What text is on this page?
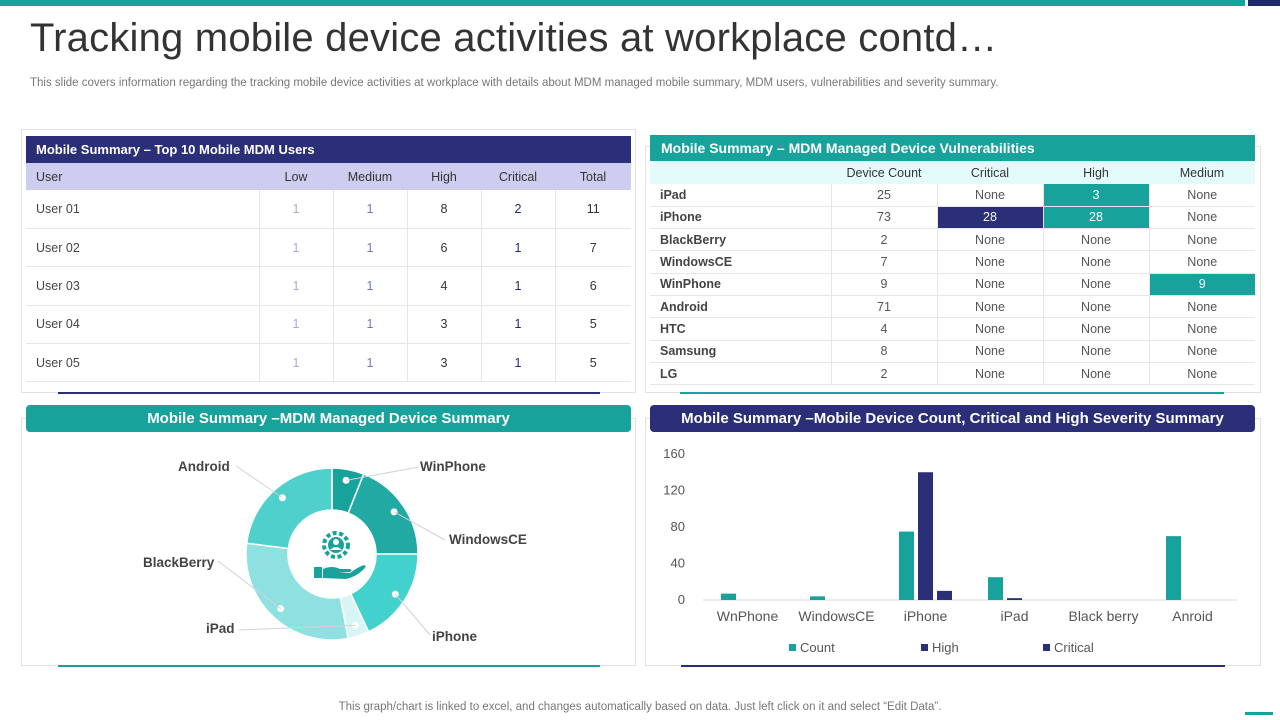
Tracking mobile device activities at workplace contd…
This slide covers information regarding the tracking mobile device activities at workplace with details about MDM managed mobile summary, MDM users, vulnerabilities and severity summary.
Mobile Summary – Top 10 Mobile MDM Users
User	Low	Medium	High	Critical	Total
User 01	1	1	8	2	11
User 02	1	1	6	1	7
User 03	1	1	4	1	6
User 04	1	1	3	1	5
User 05	1	1	3	1	5
Mobile Summary – MDM Managed Device Vulnerabilities
	Device Count	Critical	High	Medium
iPad	25	None	3	None
iPhone	73	28	28	None
BlackBerry	2	None	None	None
WindowsCE	7	None	None	None
WinPhone	9	None	None	9
Android	71	None	None	None
HTC	4	None	None	None
Samsung	8	None	None	None
LG	2	None	None	None
Mobile Summary –MDM Managed Device Summary
Android	WinPhone
WindowsCE
BlackBerry
iPad
iPhone
Mobile Summary –Mobile Device Count, Critical and High Severity Summary
0
40
80
120
160
WnPhone WindowsCE iPhone	iPad	Black berry Anroid
Count	High	Critical
This graph/chart is linked to excel, and changes automatically based on data. Just left click on it and select “Edit Data”.
